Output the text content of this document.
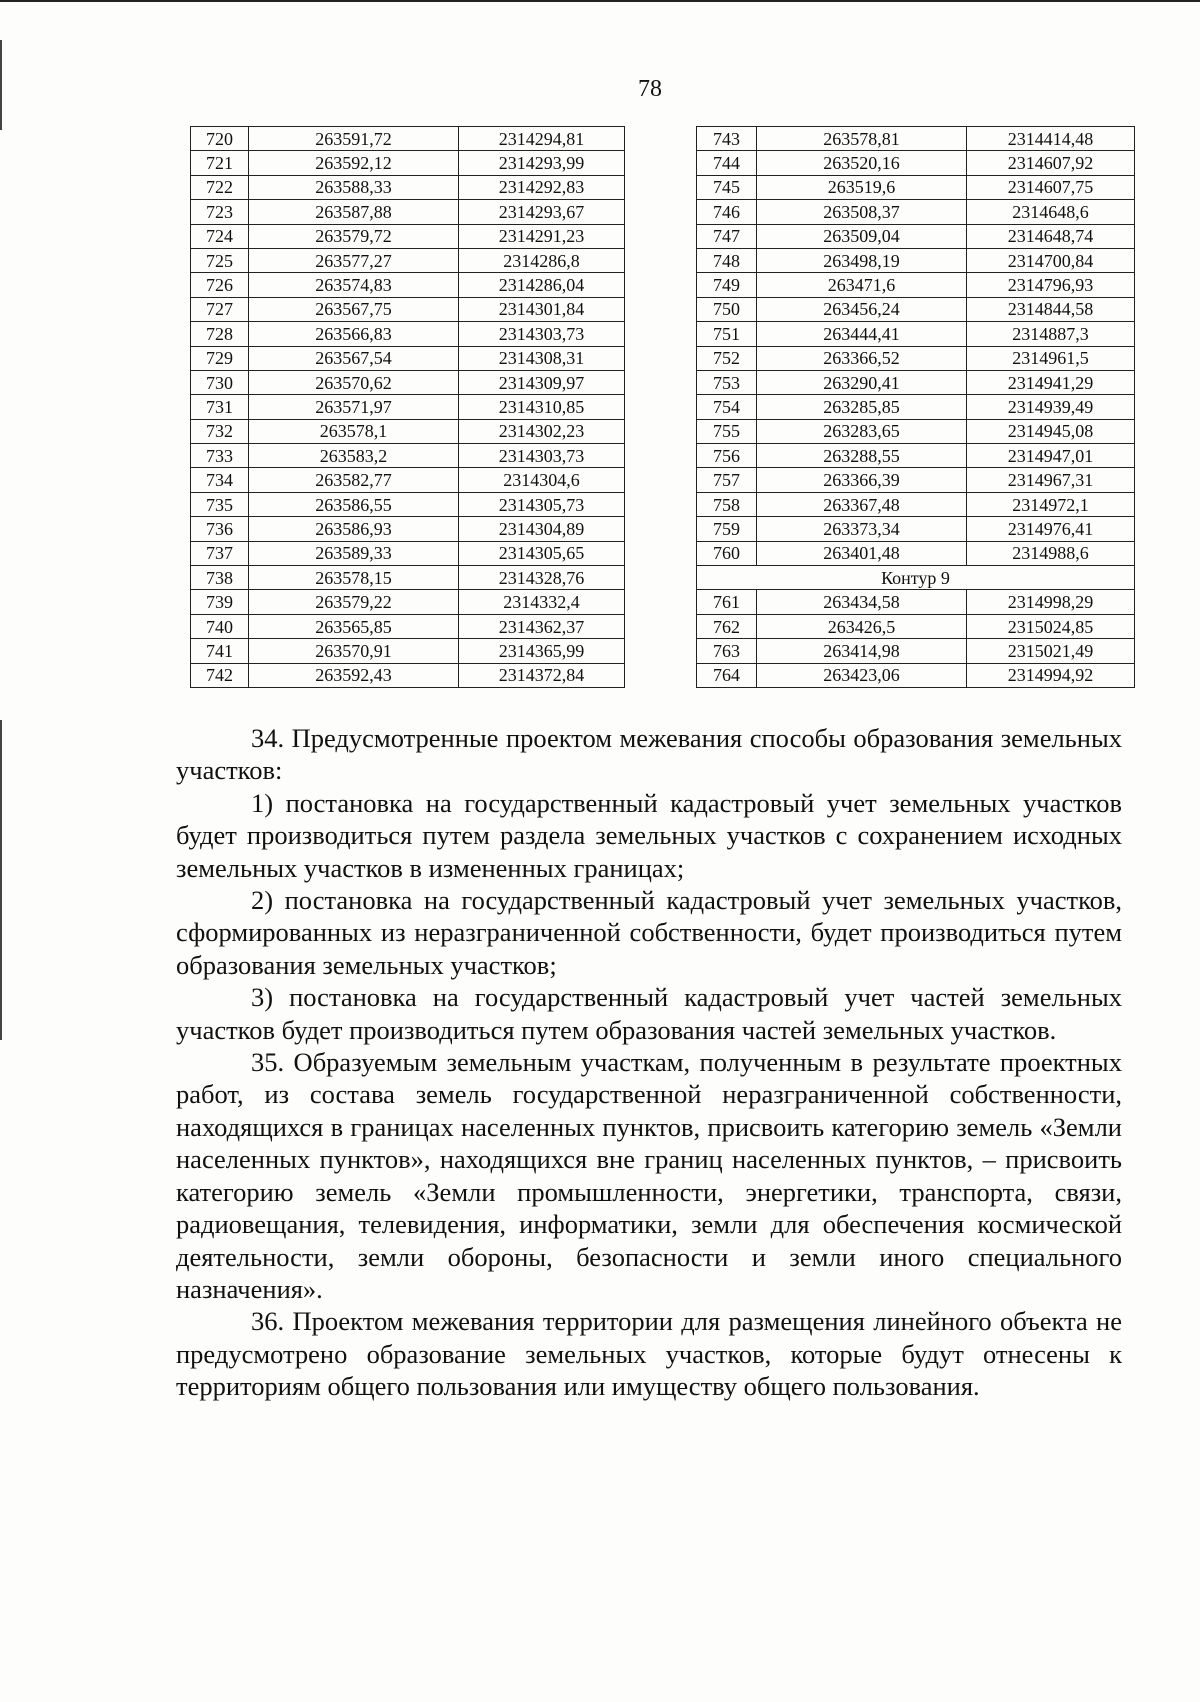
78
720	263591,72	2314294,81
721	263592,12	2314293,99
722	263588,33	2314292,83
723	263587,88	2314293,67
724	263579,72	2314291,23
725	263577,27	2314286,8
726	263574,83	2314286,04
727	263567,75	2314301,84
728	263566,83	2314303,73
729	263567,54	2314308,31
730	263570,62	2314309,97
731	263571,97	2314310,85
732	263578,1	2314302,23
733	263583,2	2314303,73
734	263582,77	2314304,6
735	263586,55	2314305,73
736	263586,93	2314304,89
737	263589,33	2314305,65
738	263578,15	2314328,76
739	263579,22	2314332,4
740	263565,85	2314362,37
741	263570,91	2314365,99
742	263592,43	2314372,84
743	263578,81	2314414,48
744	263520,16	2314607,92
745	263519,6	2314607,75
746	263508,37	2314648,6
747	263509,04	2314648,74
748	263498,19	2314700,84
749	263471,6	2314796,93
750	263456,24	2314844,58
751	263444,41	2314887,3
752	263366,52	2314961,5
753	263290,41	2314941,29
754	263285,85	2314939,49
755	263283,65	2314945,08
756	263288,55	2314947,01
757	263366,39	2314967,31
758	263367,48	2314972,1
759	263373,34	2314976,41
760	263401,48	2314988,6
Контур 9		
761	263434,58	2314998,29
762	263426,5	2315024,85
763	263414,98	2315021,49
764	263423,06	2314994,92

34. Предусмотренные проектом межевания способы образования земельных участков:

1) постановка на государственный кадастровый учет земельных участков будет производиться путем раздела земельных участков с сохранением исходных земельных участков в измененных границах;

2) постановка на государственный кадастровый учет земельных участков, сформированных из неразграниченной собственности, будет производиться путем образования земельных участков;

3) постановка на государственный кадастровый учет частей земельных участков будет производиться путем образования частей земельных участков.

35. Образуемым земельным участкам, полученным в результате проектных работ, из состава земель государственной неразграниченной собственности, находящихся в границах населенных пунктов, присвоить категорию земель «Земли населенных пунктов», находящихся вне границ населенных пунктов, – присвоить категорию земель «Земли промышленности, энергетики, транспорта, связи, радиовещания, телевидения, информатики, земли для обеспечения космической деятельности, земли обороны, безопасности и земли иного специального назначения».

36. Проектом межевания территории для размещения линейного объекта не предусмотрено образование земельных участков, которые будут отнесены к территориям общего пользования или имуществу общего пользования.
